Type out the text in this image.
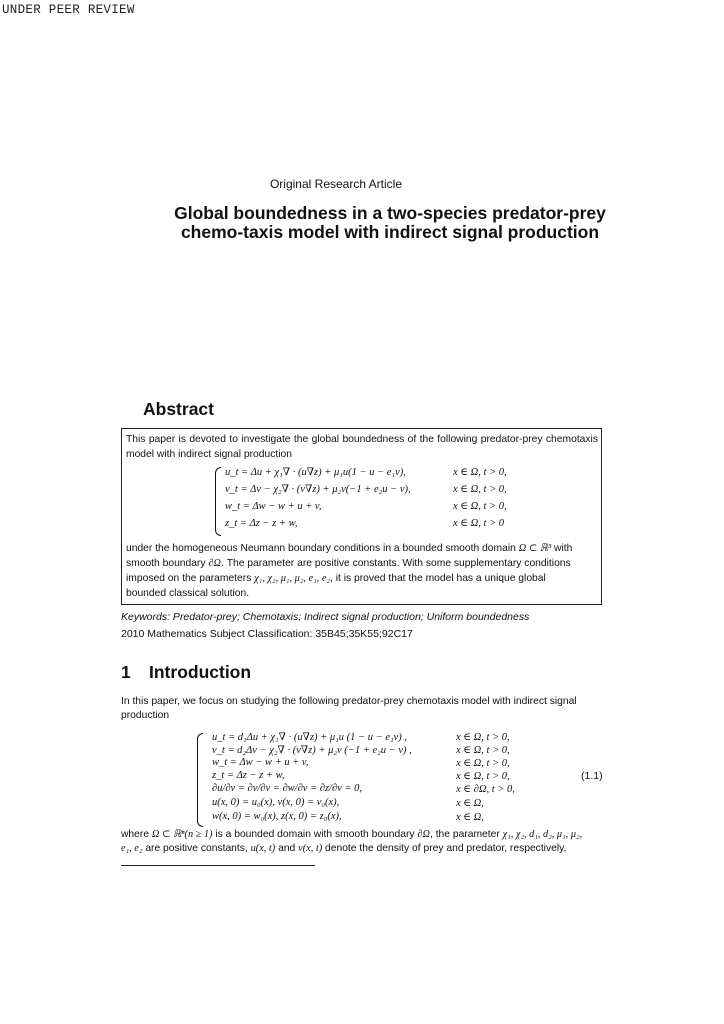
UNDER PEER REVIEW
Original Research Article
Global boundedness in a two-species predator-prey chemo-taxis model with indirect signal production
Abstract
This paper is devoted to investigate the global boundedness of the following predator-prey chemotaxis model with indirect signal production
u_t = Δu + χ₁∇ · (u∇z) + μ₁u(1 − u − e₁v),	x ∈ Ω, t > 0,
v_t = Δv − χ₂∇ · (v∇z) + μ₂v(−1 + e₂u − v),	x ∈ Ω, t > 0,
w_t = Δw − w + u + v,	x ∈ Ω, t > 0,
z_t = Δz − z + w,	x ∈ Ω, t > 0
under the homogeneous Neumann boundary conditions in a bounded smooth domain Ω ⊂ ℝ³ with
smooth boundary ∂Ω. The parameter are positive constants. With some supplementary conditions
imposed on the parameters χ₁, χ₂, μ₁, μ₂, e₁, e₂, it is proved that the model has a unique global
bounded classical solution.
Keywords: Predator-prey; Chemotaxis; Indirect signal production; Uniform boundedness
2010 Mathematics Subject Classification: 35B45;35K55;92C17
1 Introduction
In this paper, we focus on studying the following predator-prey chemotaxis model with indirect signal production
u_t = d₁Δu + χ₁∇ · (u∇z) + μ₁u (1 − u − e₁v) ,	x ∈ Ω, t > 0,
v_t = d₂Δv − χ₂∇ · (v∇z) + μ₂v (−1 + e₂u − v) ,	x ∈ Ω, t > 0,
w_t = Δw − w + u + v,	x ∈ Ω, t > 0,
z_t = Δz − z + w,	x ∈ Ω, t > 0,
∂u/∂ν = ∂v/∂ν = ∂w/∂ν = ∂z/∂ν = 0,	x ∈ ∂Ω, t > 0,
u(x, 0) = u₀(x), v(x, 0) = v₀(x),	x ∈ Ω,
w(x, 0) = w₀(x), z(x, 0) = z₀(x),	x ∈ Ω,
(1.1)
where Ω ⊂ ℝⁿ(n ≥ 1) is a bounded domain with smooth boundary ∂Ω, the parameter χ₁, χ₂, d₁, d₂, μ₁, μ₂,
e₁, e₂ are positive constants, u(x, t) and v(x, t) denote the density of prey and predator, respectively,
